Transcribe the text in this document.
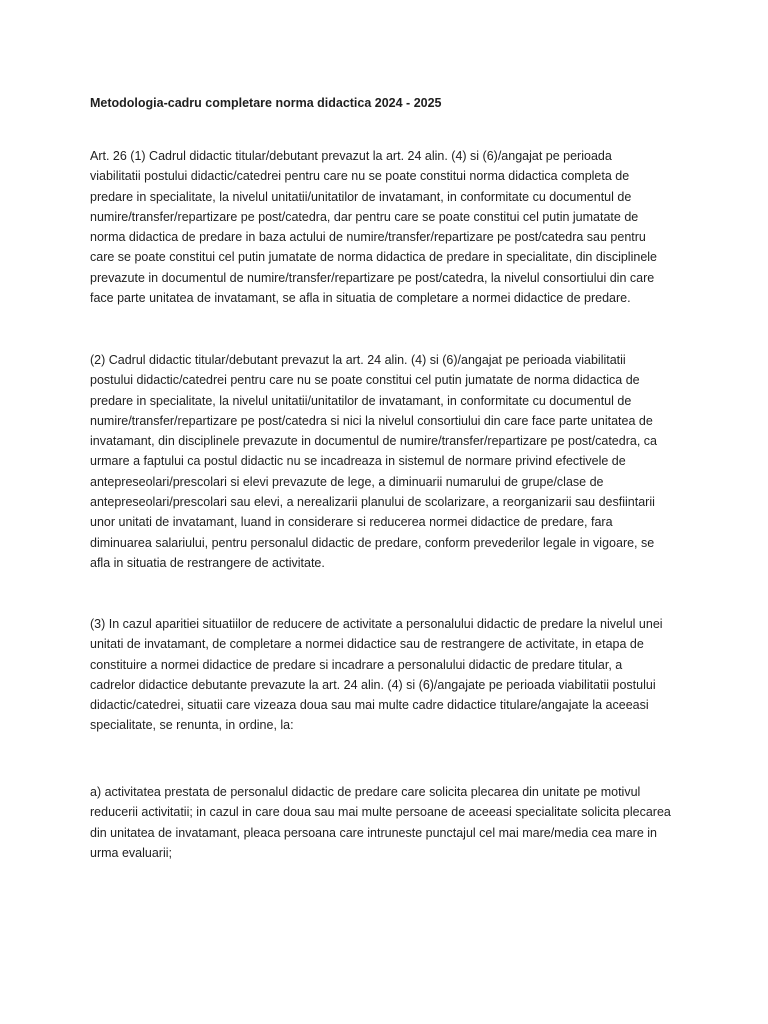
Metodologia-cadru completare norma didactica 2024 - 2025

Art. 26 (1) Cadrul didactic titular/debutant prevazut la art. 24 alin. (4) si (6)/angajat pe perioada
viabilitatii postului didactic/catedrei pentru care nu se poate constitui norma didactica completa de
predare in specialitate, la nivelul unitatii/unitatilor de invatamant, in conformitate cu documentul de
numire/transfer/repartizare pe post/catedra, dar pentru care se poate constitui cel putin jumatate de
norma didactica de predare in baza actului de numire/transfer/repartizare pe post/catedra sau pentru
care se poate constitui cel putin jumatate de norma didactica de predare in specialitate, din disciplinele
prevazute in documentul de numire/transfer/repartizare pe post/catedra, la nivelul consortiului din care
face parte unitatea de invatamant, se afla in situatia de completare a normei didactice de predare.

(2) Cadrul didactic titular/debutant prevazut la art. 24 alin. (4) si (6)/angajat pe perioada viabilitatii
postului didactic/catedrei pentru care nu se poate constitui cel putin jumatate de norma didactica de
predare in specialitate, la nivelul unitatii/unitatilor de invatamant, in conformitate cu documentul de
numire/transfer/repartizare pe post/catedra si nici la nivelul consortiului din care face parte unitatea de
invatamant, din disciplinele prevazute in documentul de numire/transfer/repartizare pe post/catedra, ca
urmare a faptului ca postul didactic nu se incadreaza in sistemul de normare privind efectivele de
antepreseolari/prescolari si elevi prevazute de lege, a diminuarii numarului de grupe/clase de
antepreseolari/prescolari sau elevi, a nerealizarii planului de scolarizare, a reorganizarii sau desfiintarii
unor unitati de invatamant, luand in considerare si reducerea normei didactice de predare, fara
diminuarea salariului, pentru personalul didactic de predare, conform prevederilor legale in vigoare, se
afla in situatia de restrangere de activitate.

(3) In cazul aparitiei situatiilor de reducere de activitate a personalului didactic de predare la nivelul unei
unitati de invatamant, de completare a normei didactice sau de restrangere de activitate, in etapa de
constituire a normei didactice de predare si incadrare a personalului didactic de predare titular, a
cadrelor didactice debutante prevazute la art. 24 alin. (4) si (6)/angajate pe perioada viabilitatii postului
didactic/catedrei, situatii care vizeaza doua sau mai multe cadre didactice titulare/angajate la aceeasi
specialitate, se renunta, in ordine, la:

a) activitatea prestata de personalul didactic de predare care solicita plecarea din unitate pe motivul
reducerii activitatii; in cazul in care doua sau mai multe persoane de aceeasi specialitate solicita plecarea
din unitatea de invatamant, pleaca persoana care intruneste punctajul cel mai mare/media cea mare in
urma evaluarii;
